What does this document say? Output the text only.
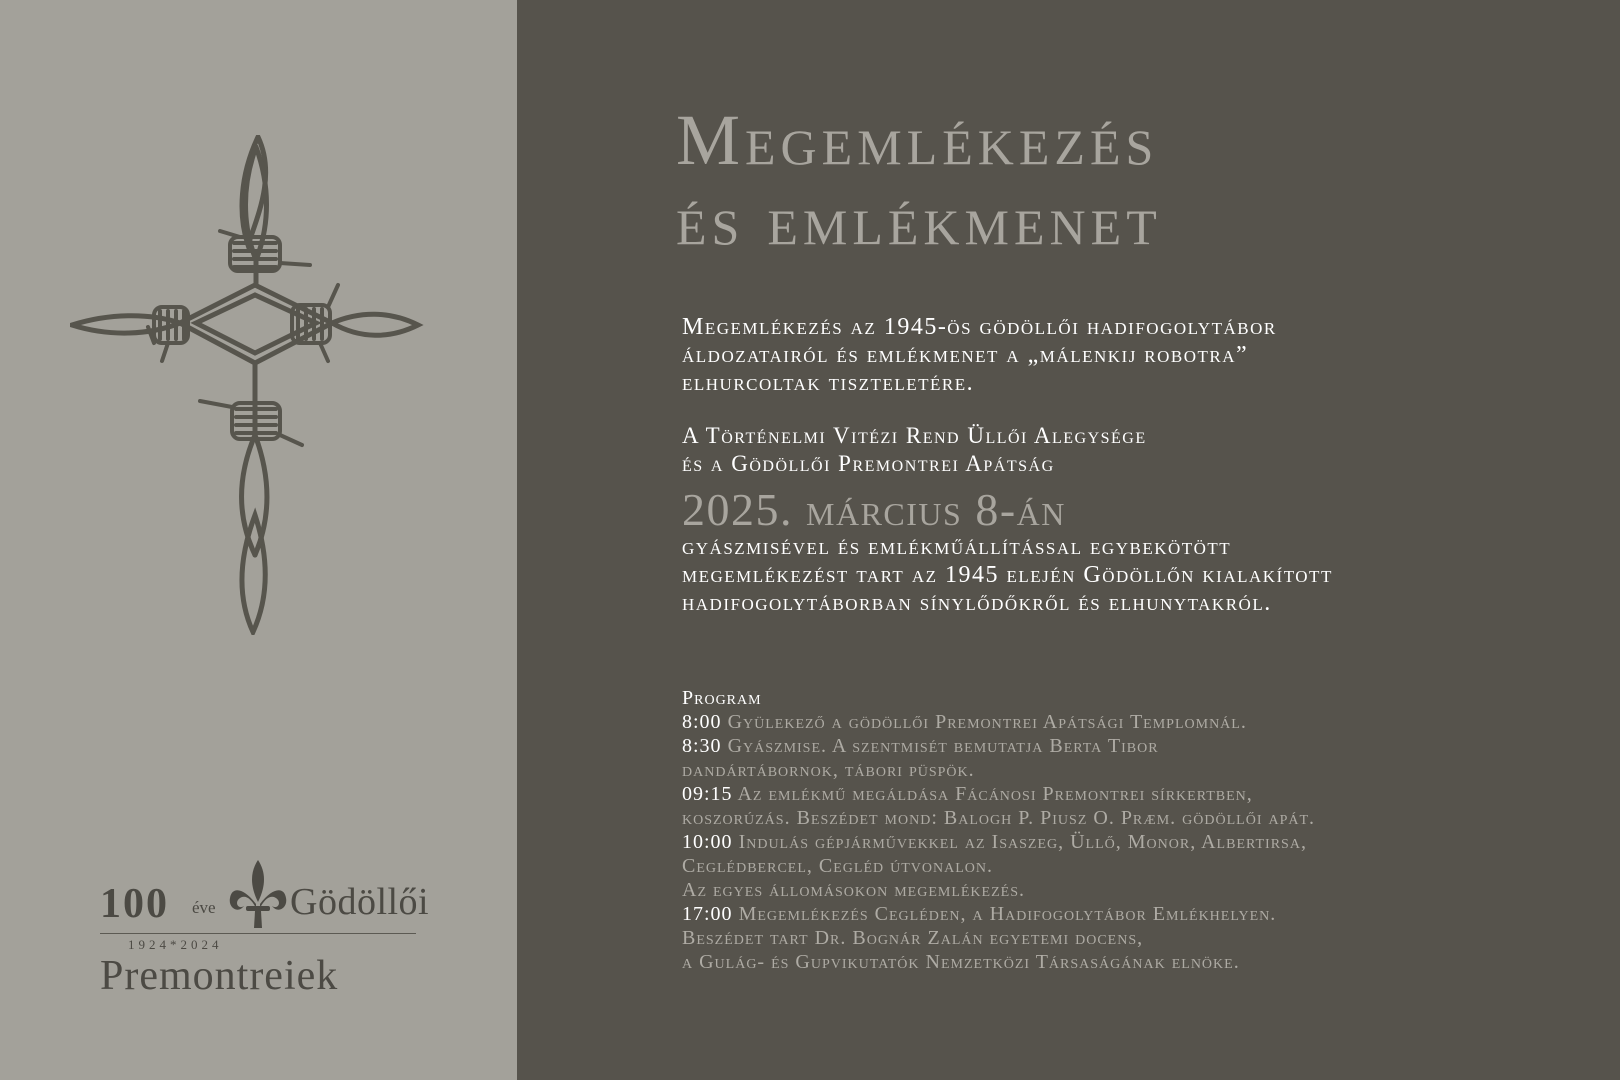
100 éve Gödöllői
1924*2024
Premontreiek
Megemlékezés
és emlékmenet
Megemlékezés az 1945-ös gödöllői hadifogolytábor
áldozatairól és emlékmenet a „málenkij robotra”
elhurcoltak tiszteletére.
A Történelmi Vitézi Rend Üllői Alegysége
és a Gödöllői Premontrei Apátság
2025. március 8-án
gyászmisével és emlékműállítással egybekötött
megemlékezést tart az 1945 elején Gödöllőn kialakított
hadifogolytáborban sínylődőkről és elhunytakról.
Program
8:00 Gyülekező a gödöllői Premontrei Apátsági Templomnál.
8:30 Gyászmise. A szentmisét bemutatja Berta Tibor
dandártábornok, tábori püspök.
09:15 Az emlékmű megáldása Fácánosi Premontrei sírkertben,
koszorúzás. Beszédet mond: Balogh P. Piusz O. Præm. gödöllői apát.
10:00 Indulás gépjárművekkel az Isaszeg, Üllő, Monor, Albertirsa,
Ceglédbercel, Cegléd útvonalon.
Az egyes állomásokon megemlékezés.
17:00 Megemlékezés Cegléden, a Hadifogolytábor Emlékhelyen.
Beszédet tart Dr. Bognár Zalán egyetemi docens,
a Gulág- és Gupvikutatók Nemzetközi Társaságának elnöke.
